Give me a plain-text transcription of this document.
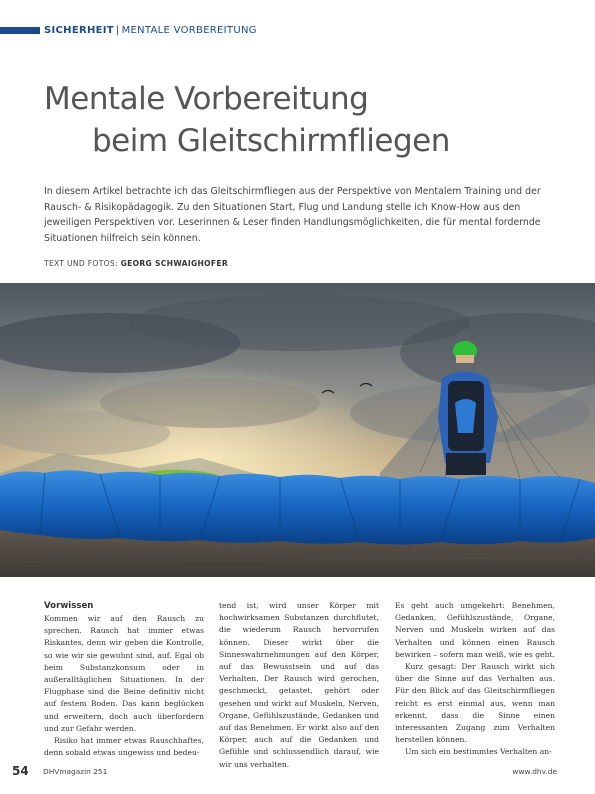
SICHERHEIT | MENTALE VORBEREITUNG
Mentale Vorbereitung
beim Gleitschirmfliegen

In diesem Artikel betrachte ich das Gleitschirmfliegen aus der Perspektive von Mentalem Training und der Rausch- & Risikopädagogik. Zu den Situationen Start, Flug und Landung stelle ich Know-How aus den jeweiligen Perspektiven vor. Leserinnen & Leser finden Handlungsmöglichkeiten, die für mental fordernde Situationen hilfreich sein können.

TEXT UND FOTOS: GEORG SCHWAIGHOFER
Vorwissen

Kommen wir auf den Rausch zu sprechen. Rausch hat immer etwas Riskantes, denn wir geben die Kontrolle, so wie wir sie gewohnt sind, auf. Egal ob beim Substanzkonsum oder in außeralltäglichen Situationen. In der Flugphase sind die Beine definitiv nicht auf festem Boden. Das kann beglücken und erweitern, doch auch überfordern und zur Gefahr werden.

Risiko hat immer etwas Rauschhaftes, denn sobald etwas ungewiss und bedeu-

tend ist, wird unser Körper mit hochwirksamen Substanzen durchflutet, die wiederum Rausch hervorrufen können. Dieser wirkt über die Sinneswahrnehmungen auf den Körper, auf das Bewusstsein und auf das Verhalten. Der Rausch wird gerochen, geschmeckt, getastet, gehört oder gesehen und wirkt auf Muskeln, Nerven, Organe, Gefühlszustände, Gedanken und auf das Benehmen. Er wirkt also auf den Körper, auch auf die Gedanken und Gefühle und schlussendlich darauf, wie wir uns verhalten.

Es geht auch umgekehrt: Benehmen, Gedanken, Gefühlszustände, Organe, Nerven und Muskeln wirken auf das Verhalten und können einen Rausch bewirken – sofern man weiß, wie es geht.

Kurz gesagt: Der Rausch wirkt sich über die Sinne auf das Verhalten aus. Für den Blick auf das Gleitschirmfliegen reicht es erst einmal aus, wenn man erkennt, dass die Sinne einen interessanten Zugang zum Verhalten herstellen können.

Um sich ein bestimmtes Verhalten an-

54 DHVmagazin 251	www.dhv.de
